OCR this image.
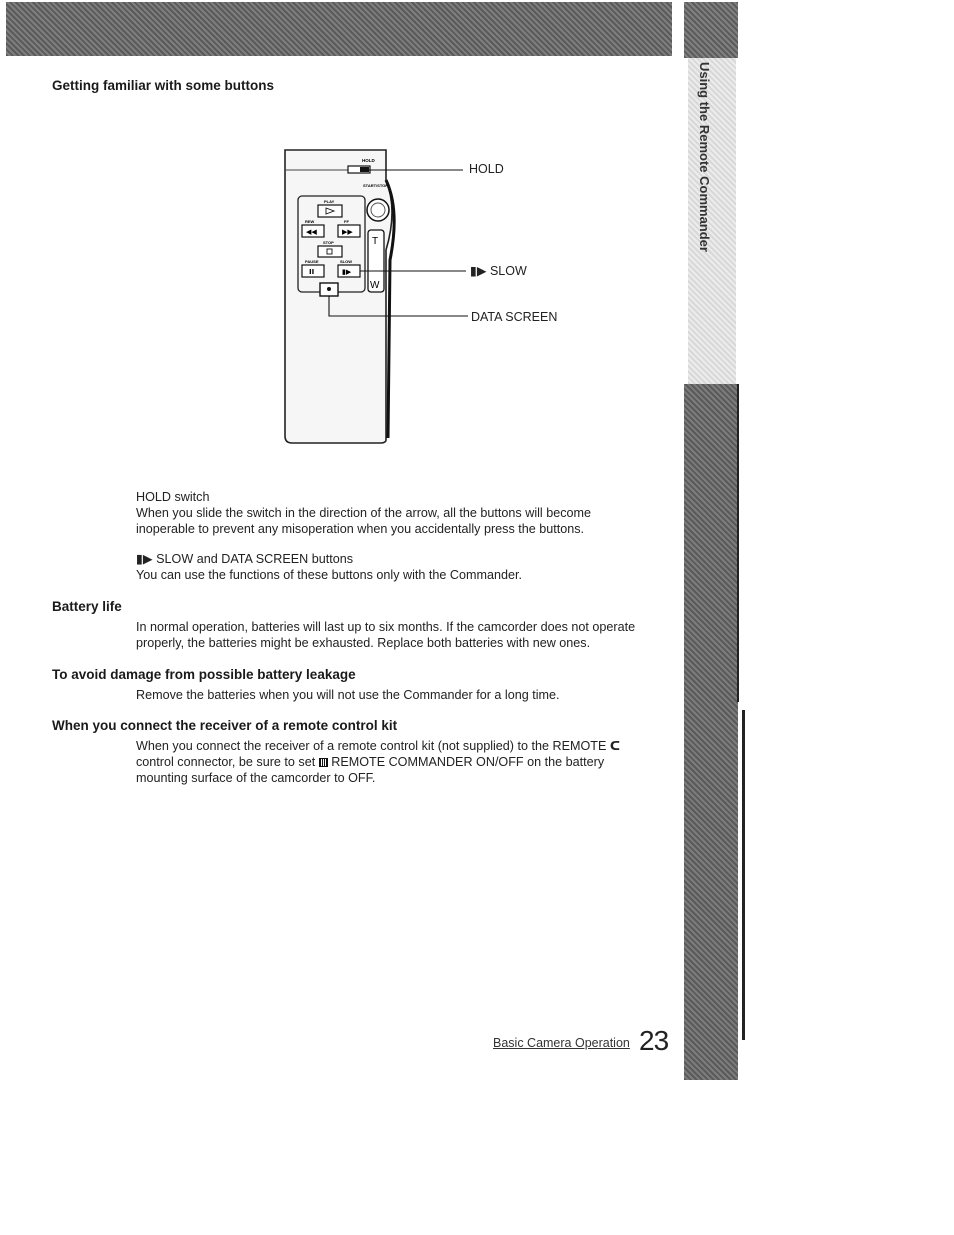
Using the Remote Commander
Getting familiar with some buttons
HOLD
START/STOP
PLAY
REW	FF
◀◀	▶▶
STOP
PAUSE	SLOW
II	▮▶
T
W
HOLD
▮▶ SLOW
DATA SCREEN

HOLD switch
When you slide the switch in the direction of the arrow, all the buttons will become
inoperable to prevent any misoperation when you accidentally press the buttons.

▮▶ SLOW and DATA SCREEN buttons
You can use the functions of these buttons only with the Commander.

Battery life

In normal operation, batteries will last up to six months. If the camcorder does not operate
properly, the batteries might be exhausted. Replace both batteries with new ones.

To avoid damage from possible battery leakage

Remove the batteries when you will not use the Commander for a long time.

When you connect the receiver of a remote control kit

When you connect the receiver of a remote control kit (not supplied) to the REMOTE ᑕ
control connector, be sure to set REMOTE COMMANDER ON/OFF on the battery
mounting surface of the camcorder to OFF.

Basic Camera Operation 23
